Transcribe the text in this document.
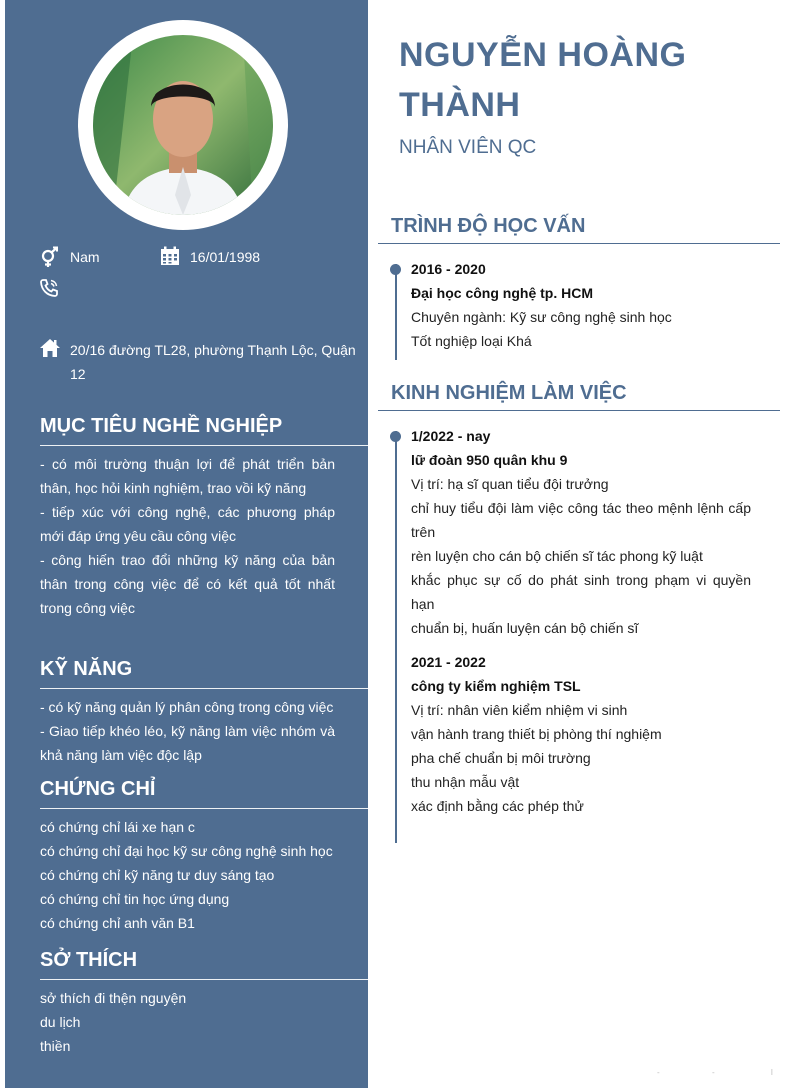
Nam	16/01/1998
20/16 đường TL28, phường Thạnh Lộc, Quận 12
MỤC TIÊU NGHỀ NGHIỆP
- có môi trường thuận lợi để phát triển bản thân, học hỏi kinh nghiệm, trao vồi kỹ năng
- tiếp xúc với công nghệ, các phương pháp mới đáp ứng yêu cầu công việc
- công hiến trao đổi những kỹ năng của bản thân trong công việc để có kết quả tốt nhất trong công việc
KỸ NĂNG
- có kỹ năng quản lý phân công trong công việc
- Giao tiếp khéo léo, kỹ năng làm việc nhóm và khả năng làm việc độc lập
CHỨNG CHỈ
có chứng chỉ lái xe hạn c
có chứng chỉ đại học kỹ sư công nghệ sinh học
có chứng chỉ kỹ năng tư duy sáng tạo
có chứng chỉ tin học ứng dụng
có chứng chỉ anh văn B1
SỞ THÍCH
sở thích đi thện nguyện
du lịch
thiền
NGUYỄN HOÀNG
THÀNH
NHÂN VIÊN QC
TRÌNH ĐỘ HỌC VẤN
2016 - 2020
Đại học công nghệ tp. HCM
Chuyên ngành: Kỹ sư công nghệ sinh học
Tốt nghiệp loại Khá
KINH NGHIỆM LÀM VIỆC
1/2022 - nay
lữ đoàn 950 quân khu 9
Vị trí: hạ sĩ quan tiểu đội trưởng
chỉ huy tiểu đội làm việc công tác theo mệnh lệnh cấp trên
rèn luyện cho cán bộ chiến sĩ tác phong kỹ luật
khắc phục sự cố do phát sinh trong phạm vi quyền hạn
chuẩn bị, huấn luyện cán bộ chiến sĩ
2021 - 2022
công ty kiểm nghiệm TSL
Vị trí: nhân viên kiểm nhiệm vi sinh
vận hành trang thiết bị phòng thí nghiệm
pha chế chuẩn bị môi trường
thu nhận mẫu vật
xác định bằng các phép thử
-	-	l
